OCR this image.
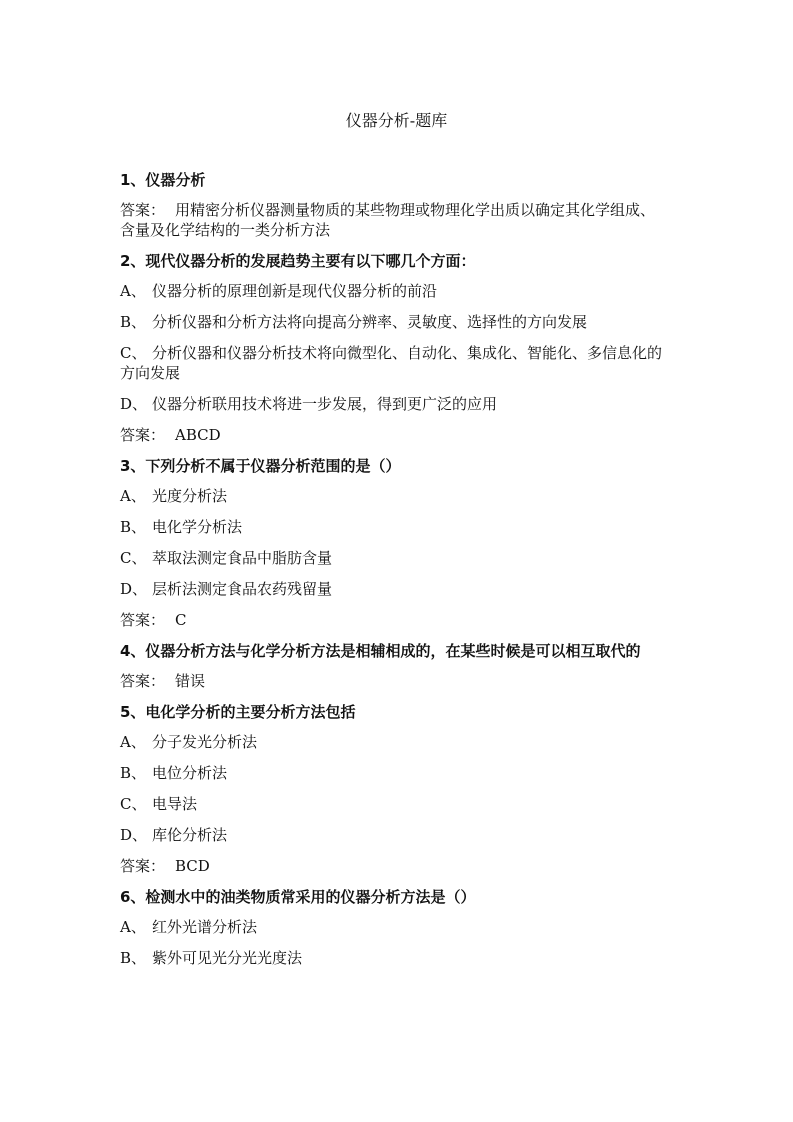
仪器分析-题库
1、仪器分析
答案： 用精密分析仪器测量物质的某些物理或物理化学出质以确定其化学组成、含量及化学结构的一类分析方法
2、现代仪器分析的发展趋势主要有以下哪几个方面：
A、 仪器分析的原理创新是现代仪器分析的前沿
B、 分析仪器和分析方法将向提高分辨率、灵敏度、选择性的方向发展
C、 分析仪器和仪器分析技术将向微型化、自动化、集成化、智能化、多信息化的方向发展
D、 仪器分析联用技术将进一步发展，得到更广泛的应用
答案： ABCD
3、下列分析不属于仪器分析范围的是（）
A、 光度分析法
B、 电化学分析法
C、 萃取法测定食品中脂肪含量
D、 层析法测定食品农药残留量
答案： C
4、仪器分析方法与化学分析方法是相辅相成的，在某些时候是可以相互取代的
答案： 错误
5、电化学分析的主要分析方法包括
A、 分子发光分析法
B、 电位分析法
C、 电导法
D、 库伦分析法
答案： BCD
6、检测水中的油类物质常采用的仪器分析方法是（）
A、 红外光谱分析法
B、 紫外可见光分光光度法
